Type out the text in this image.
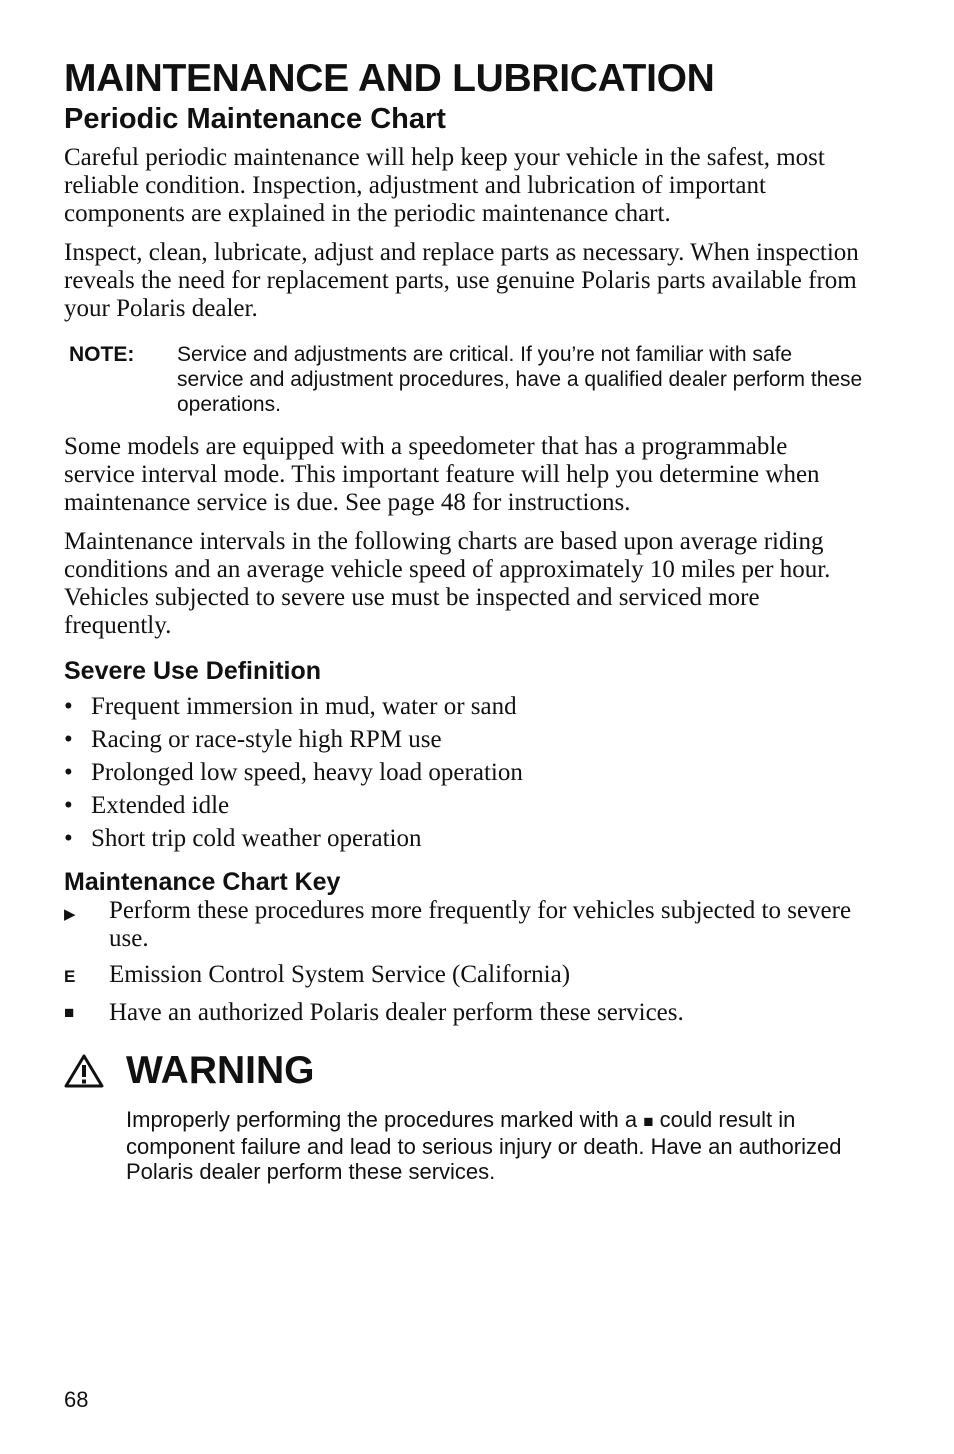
MAINTENANCE AND LUBRICATION
Periodic Maintenance Chart

Careful periodic maintenance will help keep your vehicle in the safest, most reliable condition. Inspection, adjustment and lubrication of important components are explained in the periodic maintenance chart.

Inspect, clean, lubricate, adjust and replace parts as necessary. When inspection reveals the need for replacement parts, use genuine Polaris parts available from your Polaris dealer.

NOTE:	Service and adjustments are critical. If you’re not familiar with safe service and adjustment procedures, have a qualified dealer perform these operations.

Some models are equipped with a speedometer that has a programmable service interval mode. This important feature will help you determine when maintenance service is due. See page 48 for instructions.

Maintenance intervals in the following charts are based upon average riding conditions and an average vehicle speed of approximately 10 miles per hour. Vehicles subjected to severe use must be inspected and serviced more frequently.

Severe Use Definition
• Frequent immersion in mud, water or sand
• Racing or race-style high RPM use
• Prolonged low speed, heavy load operation
• Extended idle
• Short trip cold weather operation
Maintenance Chart Key
▶	Perform these procedures more frequently for vehicles subjected to severe use.
E	Emission Control System Service (California)
■	Have an authorized Polaris dealer perform these services.
WARNING
Improperly performing the procedures marked with a ■ could result in component failure and lead to serious injury or death. Have an authorized Polaris dealer perform these services.
68
